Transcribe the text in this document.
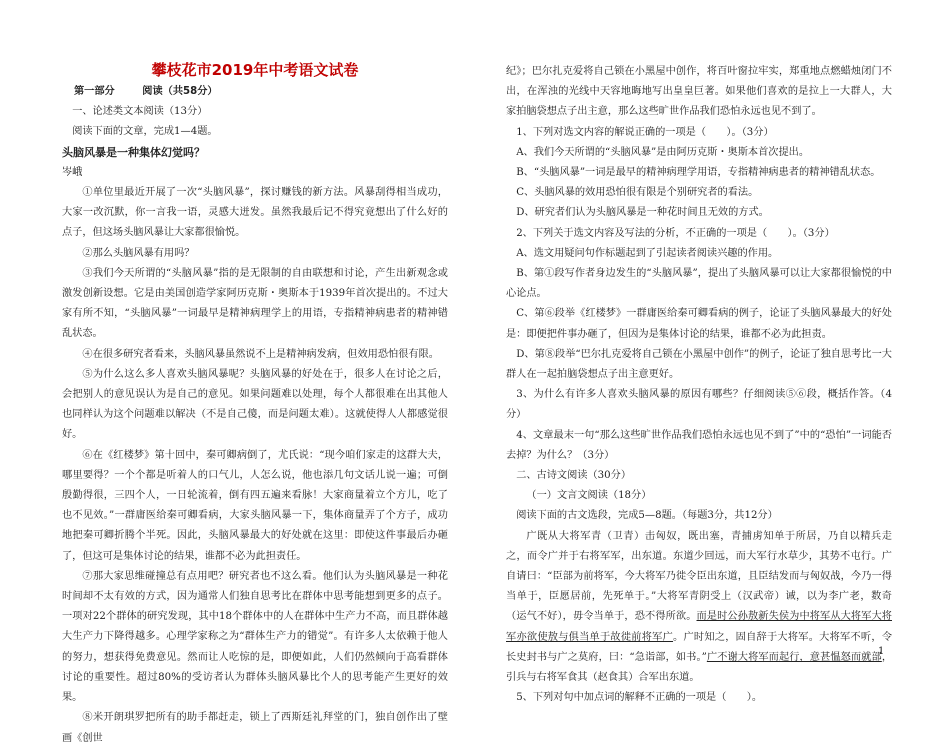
攀枝花市2019年中考语文试卷

第一部分	阅读（共58分）

一、论述类文本阅读（13分）

阅读下面的文章，完成1—4题。

头脑风暴是一种集体幻觉吗？

岑峨

①单位里最近开展了一次“头脑风暴”，探讨赚钱的新方法。风暴刮得相当成功，大家一改沉默，你一言我一语，灵感大迸发。虽然我最后记不得究竟想出了什么好的点子，但这场头脑风暴让大家都很愉悦。

②那么头脑风暴有用吗？

③我们今天所谓的“头脑风暴”指的是无限制的自由联想和讨论，产生出新观念或激发创新设想。它是由美国创造学家阿历克斯・奥斯本于1939年首次提出的。不过大家有所不知，“头脑风暴”一词最早是精神病理学上的用语，专指精神病患者的精神错乱状态。

④在很多研究者看来，头脑风暴虽然说不上是精神病发病，但效用恐怕很有限。

⑤为什么这么多人喜欢头脑风暴呢？头脑风暴的好处在于，很多人在讨论之后，会把别人的意见误认为是自己的意见。如果问题难以处理，每个人都很难在出其他人也同样认为这个问题难以解决（不是自己傻，而是问题太难）。这就使得人人都感觉很好。

⑥在《红楼梦》第十回中，秦可卿病倒了，尤氏说：“现今咱们家走的这群大夫，哪里要得？一个个都是听着人的口气儿，人怎么说，他也添几句文话儿说一遍；可倒殷勤得很，三四个人，一日轮流着，倒有四五遍来看脉！大家商量着立个方儿，吃了也不见效。”一群庸医给秦可卿看病，大家头脑风暴一下，集体商量弄了个方子，成功地把秦可卿折腾个半死。因此，头脑风暴最大的好处就在这里：即使这件事最后办砸了，但这可是集体讨论的结果，谁都不必为此担责任。

⑦那大家思维碰撞总有点用吧？研究者也不这么看。他们认为头脑风暴是一种花时间却不太有效的方式，因为通常人们独自思考比在群体中思考能想到更多的点子。一项对22个群体的研究发现，其中18个群体中的人在群体中生产力不高，而且群体越大生产力下降得越多。心理学家称之为“群体生产力的错觉”。有许多人太依赖于他人的努力，想获得免费意见。然而让人吃惊的是，即便如此，人们仍然倾向于高看群体讨论的重要性。超过80%的受访者认为群体头脑风暴比个人的思考能产生更好的效果。

⑧米开朗琪罗把所有的助手都赶走，锁上了西斯廷礼拜堂的门，独自创作出了壁画《创世

纪》；巴尔扎克爱将自己锁在小黑屋中创作，将百叶窗拉牢实，郑重地点燃蜡烛闭门不出，在浑浊的光线中天容地晦地写出皇皇巨著。如果他们喜欢的是拉上一大群人，大家拍脑袋想点子出主意，那么这些旷世作品我们恐怕永远也见不到了。

1、下列对选文内容的解说正确的一项是（　　）。（3分）

A、我们今天所谓的“头脑风暴”是由阿历克斯・奥斯本首次提出。

B、“头脑风暴”一词是最早的精神病理学用语，专指精神病患者的精神错乱状态。

C、头脑风暴的效用恐怕很有限是个别研究者的看法。

D、研究者们认为头脑风暴是一种花时间且无效的方式。

2、下列关于选文内容及写法的分析，不正确的一项是（　　）。（3分）

A、选文用疑问句作标题起到了引起读者阅读兴趣的作用。

B、第①段写作者身边发生的“头脑风暴”，提出了头脑风暴可以让大家都很愉悦的中心论点。

C、第⑥段举《红楼梦》一群庸医给秦可卿看病的例子，论证了头脑风暴最大的好处是：即便把件事办砸了，但因为是集体讨论的结果，谁都不必为此担责。

D、第⑧段举“巴尔扎克爱将自己锁在小黑屋中创作”的例子，论证了独自思考比一大群人在一起拍脑袋想点子出主意更好。

3、为什么有许多人喜欢头脑风暴的原因有哪些？仔细阅读⑤⑥段，概括作答。（4分）

4、文章最末一句“那么这些旷世作品我们恐怕永远也见不到了”中的“恐怕”一词能否去掉？为什么？（3分）

二、古诗文阅读（30分）

（一）文言文阅读（18分）

阅读下面的古文选段，完成5—8题。（每题3分，共12分）

广既从大将军青（卫青）击匈奴，既出塞，青捕虏知单于所居，乃自以精兵走之，而令广并于右将军军，出东道。东道少回远，而大军行水草少，其势不屯行。广自请曰：“臣部为前将军，今大将军乃徙令臣出东道，且臣结发而与匈奴战，今乃一得当单于，臣愿居前，先死单于。”大将军青阴受上（汉武帝）诫，以为李广老，数奇（运气不好），毋令当单于，恐不得所欲。而是时公孙敖新失侯为中将军从大将军大将军亦欲使敖与俱当单于故徙前将军广。广时知之，固自辞于大将军。大将军不听，令长史封书与广之莫府，曰：“急诣部，如书。”广不谢大将军而起行，意甚愠怒而就部，引兵与右将军食其（赵食其）合军出东道。

5、下列对句中加点词的解释不正确的一项是（　　）。

1
